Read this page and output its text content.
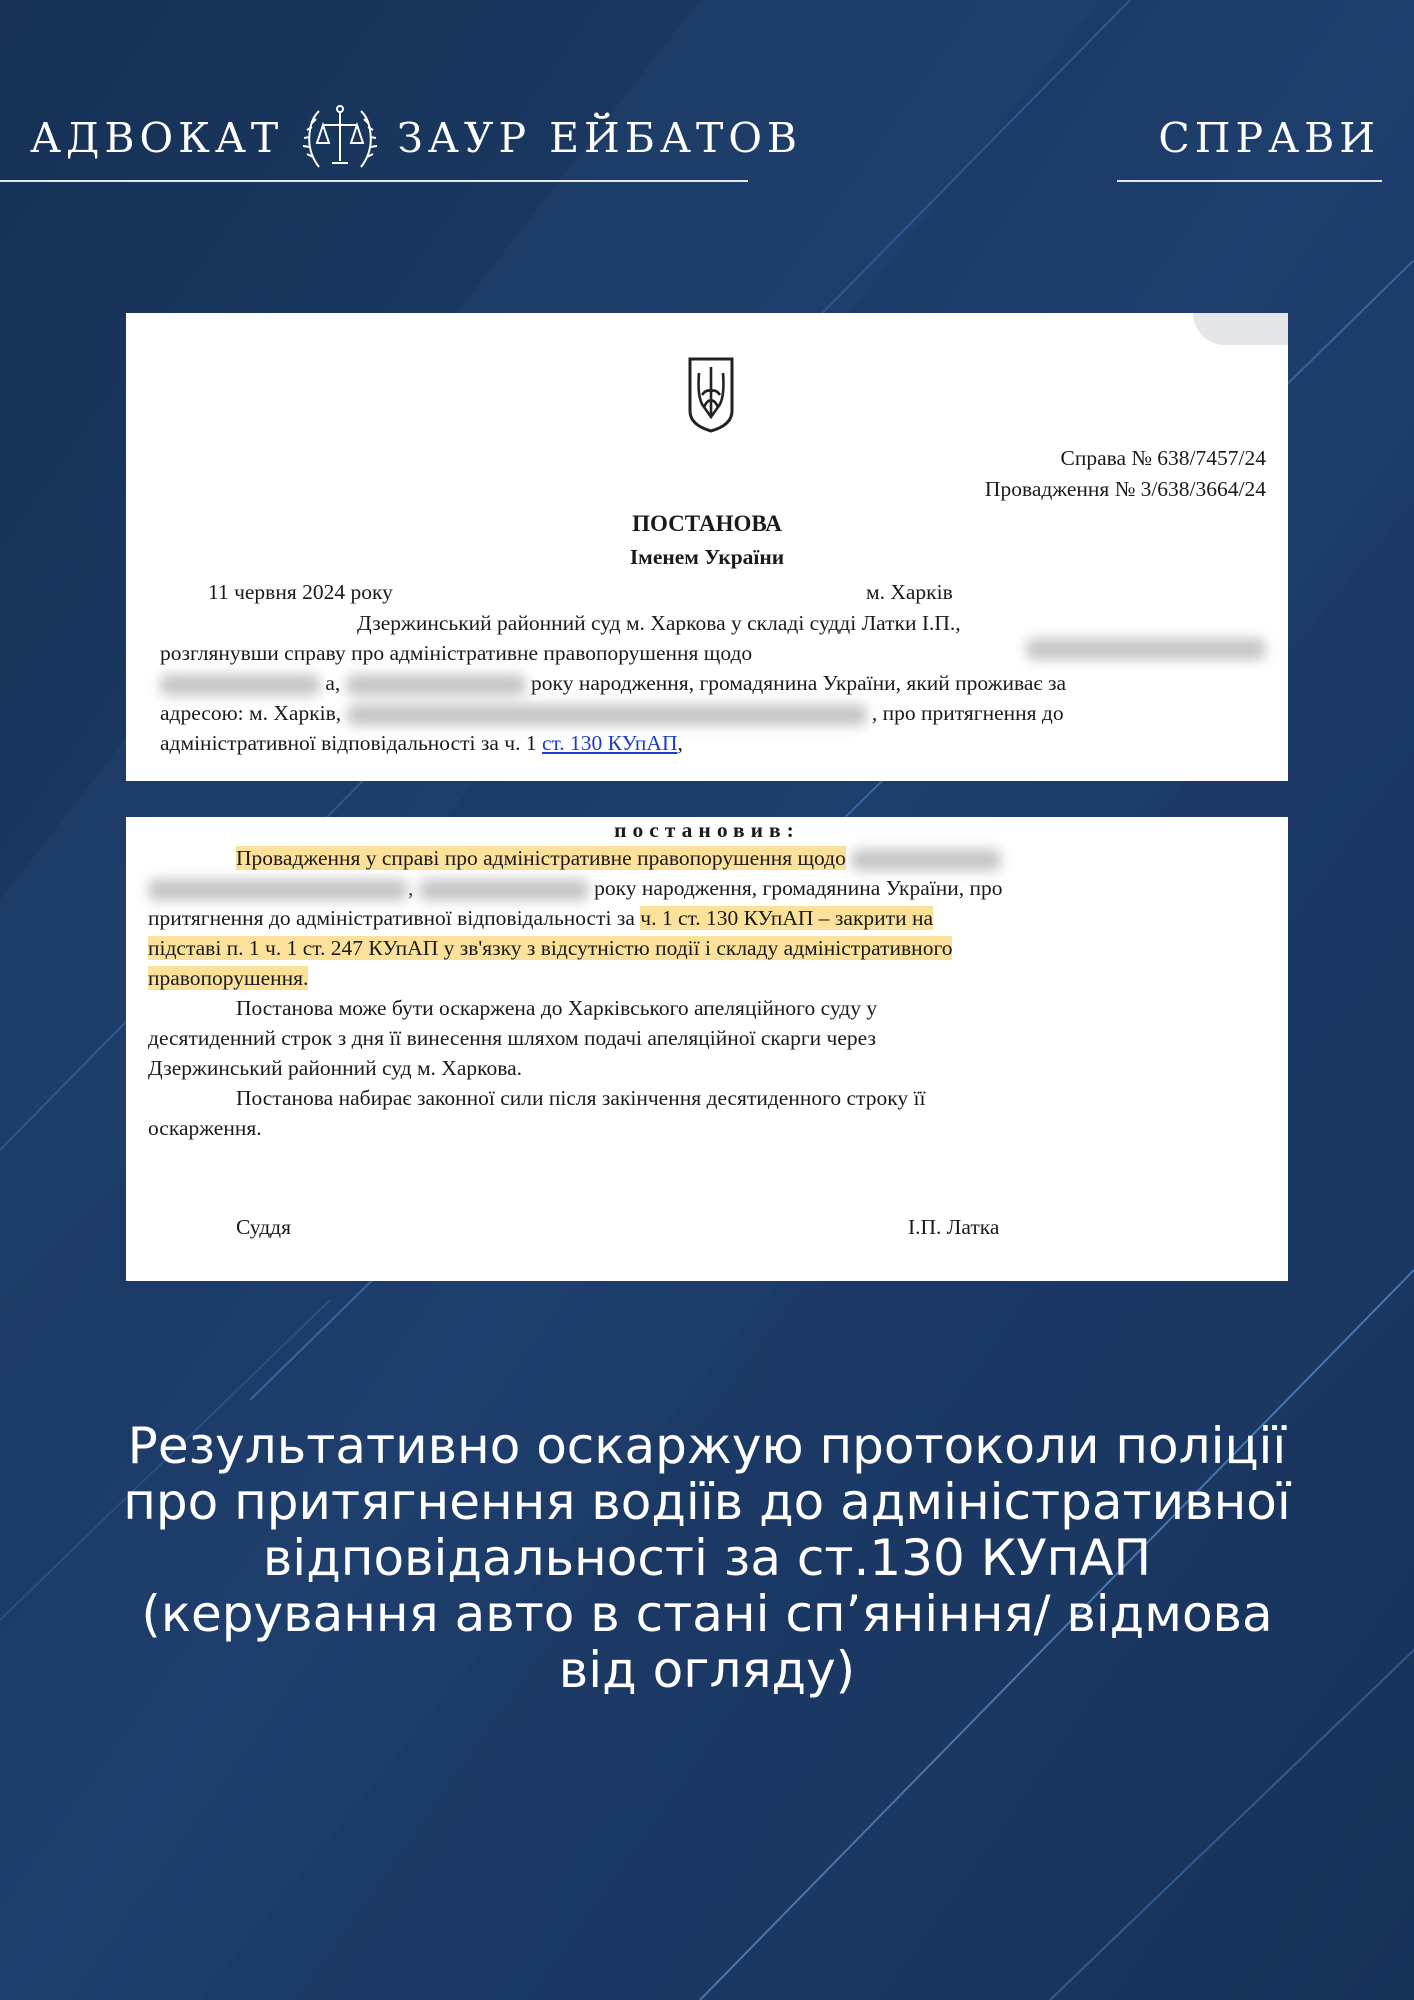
АДВОКАТ	ЗАУР ЕЙБАТОВ	СПРАВИ
Справа № 638/7457/24
Провадження № 3/638/3664/24
ПОСТАНОВА
Іменем України
11 червня 2024 року	м. Харків
Дзержинський районний суд м. Харкова у складі судді Латки І.П.,
розглянувши справу про адміністративне правопорушення щодо
а,	року народження, громадянина України, який проживає за
адресою: м. Харків,	, про притягнення до
адміністративної відповідальності за ч. 1 ст. 130 КУпАП,
постановив:
Провадження у справі про адміністративне правопорушення щодо
,	року народження, громадянина України, про
притягнення до адміністративної відповідальності за ч. 1 ст. 130 КУпАП – закрити на
підставі п. 1 ч. 1 ст. 247 КУпАП у зв'язку з відсутністю події і складу адміністративного
правопорушення.
Постанова може бути оскаржена до Харківського апеляційного суду у
десятиденний строк з дня її винесення шляхом подачі апеляційної скарги через
Дзержинський районний суд м. Харкова.
Постанова набирає законної сили після закінчення десятиденного строку її
оскарження.
Суддя	І.П. Латка
Результативно оскаржую протоколи поліції
про притягнення водіїв до адміністративної
відповідальності за ст.130 КУпАП
(керування авто в стані сп’яніння/ відмова
від огляду)
